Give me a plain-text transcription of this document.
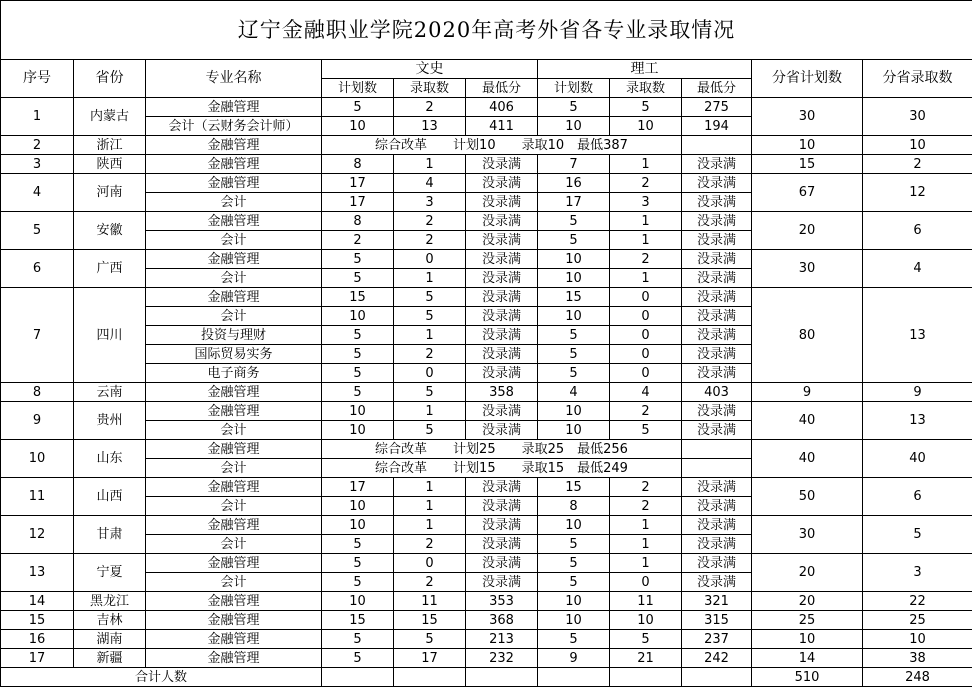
辽宁金融职业学院2020年高考外省各专业录取情况										
序号	省份	专业名称	文史			理工			分省计划数	分省录取数
			计划数	录取数	最低分	计划数	录取数	最低分		
1	内蒙古	金融管理	5	2	406	5	5	275	30	30
		会计（云财务会计师）	10	13	411	10	10	194		
2	浙江	金融管理	综合改革　　计划10　　录取10　最低387						10	10
3	陕西	金融管理	8	1	没录满	7	1	没录满	15	2
4	河南	金融管理	17	4	没录满	16	2	没录满	67	12
		会计	17	3	没录满	17	3	没录满		
5	安徽	金融管理	8	2	没录满	5	1	没录满	20	6
		会计	2	2	没录满	5	1	没录满		
6	广西	金融管理	5	0	没录满	10	2	没录满	30	4
		会计	5	1	没录满	10	1	没录满		
7	四川	金融管理	15	5	没录满	15	0	没录满	80	13
		会计	10	5	没录满	10	0	没录满		
		投资与理财	5	1	没录满	5	0	没录满		
		国际贸易实务	5	2	没录满	5	0	没录满		
		电子商务	5	0	没录满	5	0	没录满		
8	云南	金融管理	5	5	358	4	4	403	9	9
9	贵州	金融管理	10	1	没录满	10	2	没录满	40	13
		会计	10	5	没录满	10	5	没录满		
10	山东	金融管理	综合改革　　计划25　　录取25　最低256						40	40
		会计	综合改革　　计划15　　录取15　最低249							
11	山西	金融管理	17	1	没录满	15	2	没录满	50	6
		会计	10	1	没录满	8	2	没录满		
12	甘肃	金融管理	10	1	没录满	10	1	没录满	30	5
		会计	5	2	没录满	5	1	没录满		
13	宁夏	金融管理	5	0	没录满	5	1	没录满	20	3
		会计	5	2	没录满	5	0	没录满		
14	黑龙江	金融管理	10	11	353	10	11	321	20	22
15	吉林	金融管理	15	15	368	10	10	315	25	25
16	湖南	金融管理	5	5	213	5	5	237	10	10
17	新疆	金融管理	5	17	232	9	21	242	14	38
合计人数									510	248
